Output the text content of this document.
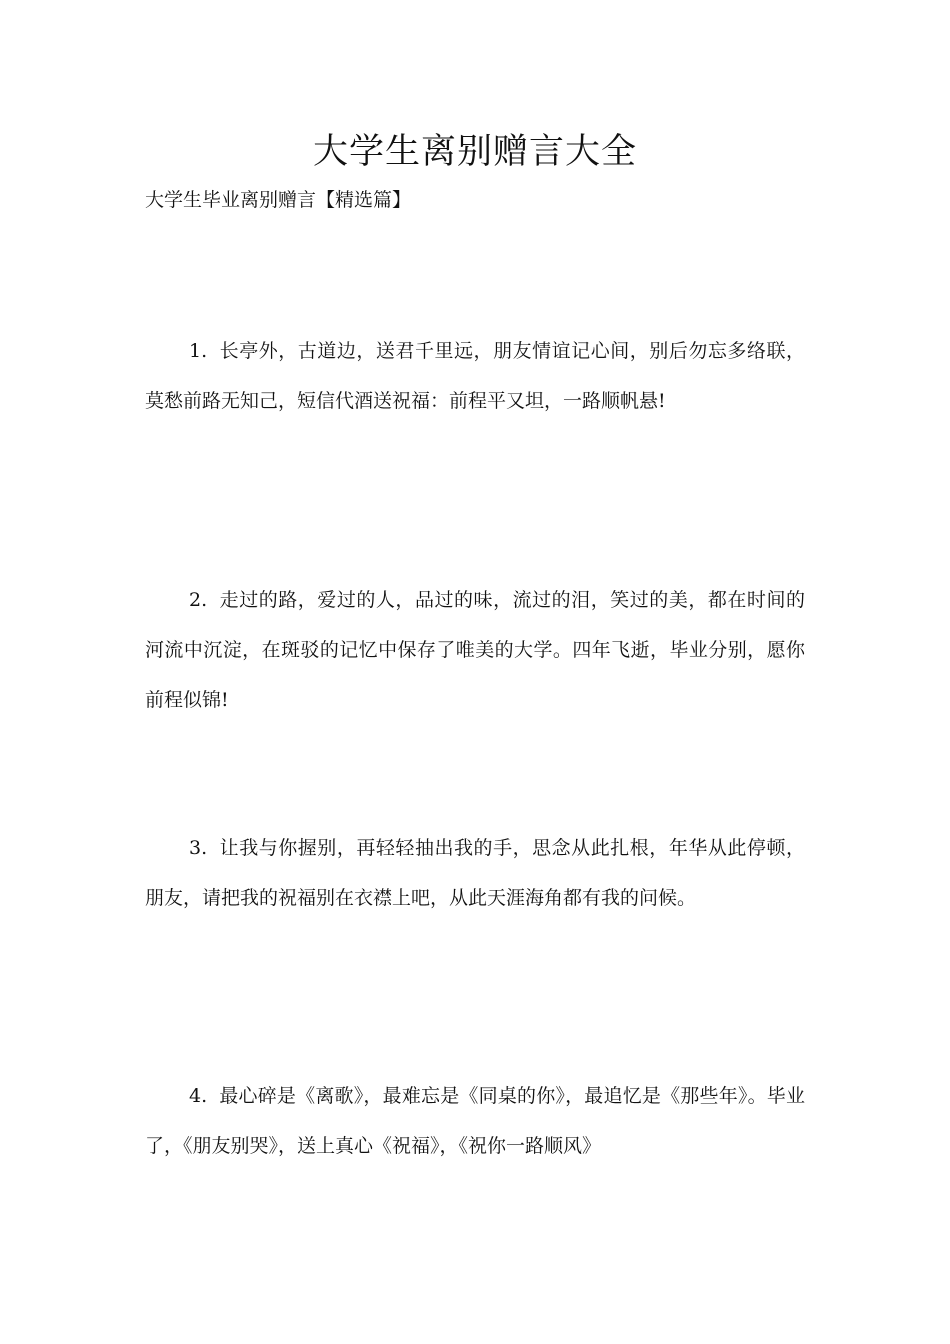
大学生离别赠言大全

大学生毕业离别赠言【精选篇】

1. 长亭外，古道边，送君千里远，朋友情谊记心间，别后勿忘多络联，莫愁前路无知己，短信代酒送祝福：前程平又坦，一路顺帆悬!

2. 走过的路，爱过的人，品过的味，流过的泪，笑过的美，都在时间的河流中沉淀，在斑驳的记忆中保存了唯美的大学。四年飞逝，毕业分别，愿你前程似锦!

3. 让我与你握别，再轻轻抽出我的手，思念从此扎根，年华从此停顿，朋友，请把我的祝福别在衣襟上吧，从此天涯海角都有我的问候。

4. 最心碎是《离歌》，最难忘是《同桌的你》，最追忆是《那些年》。毕业了，《朋友别哭》，送上真心《祝福》，《祝你一路顺风》
